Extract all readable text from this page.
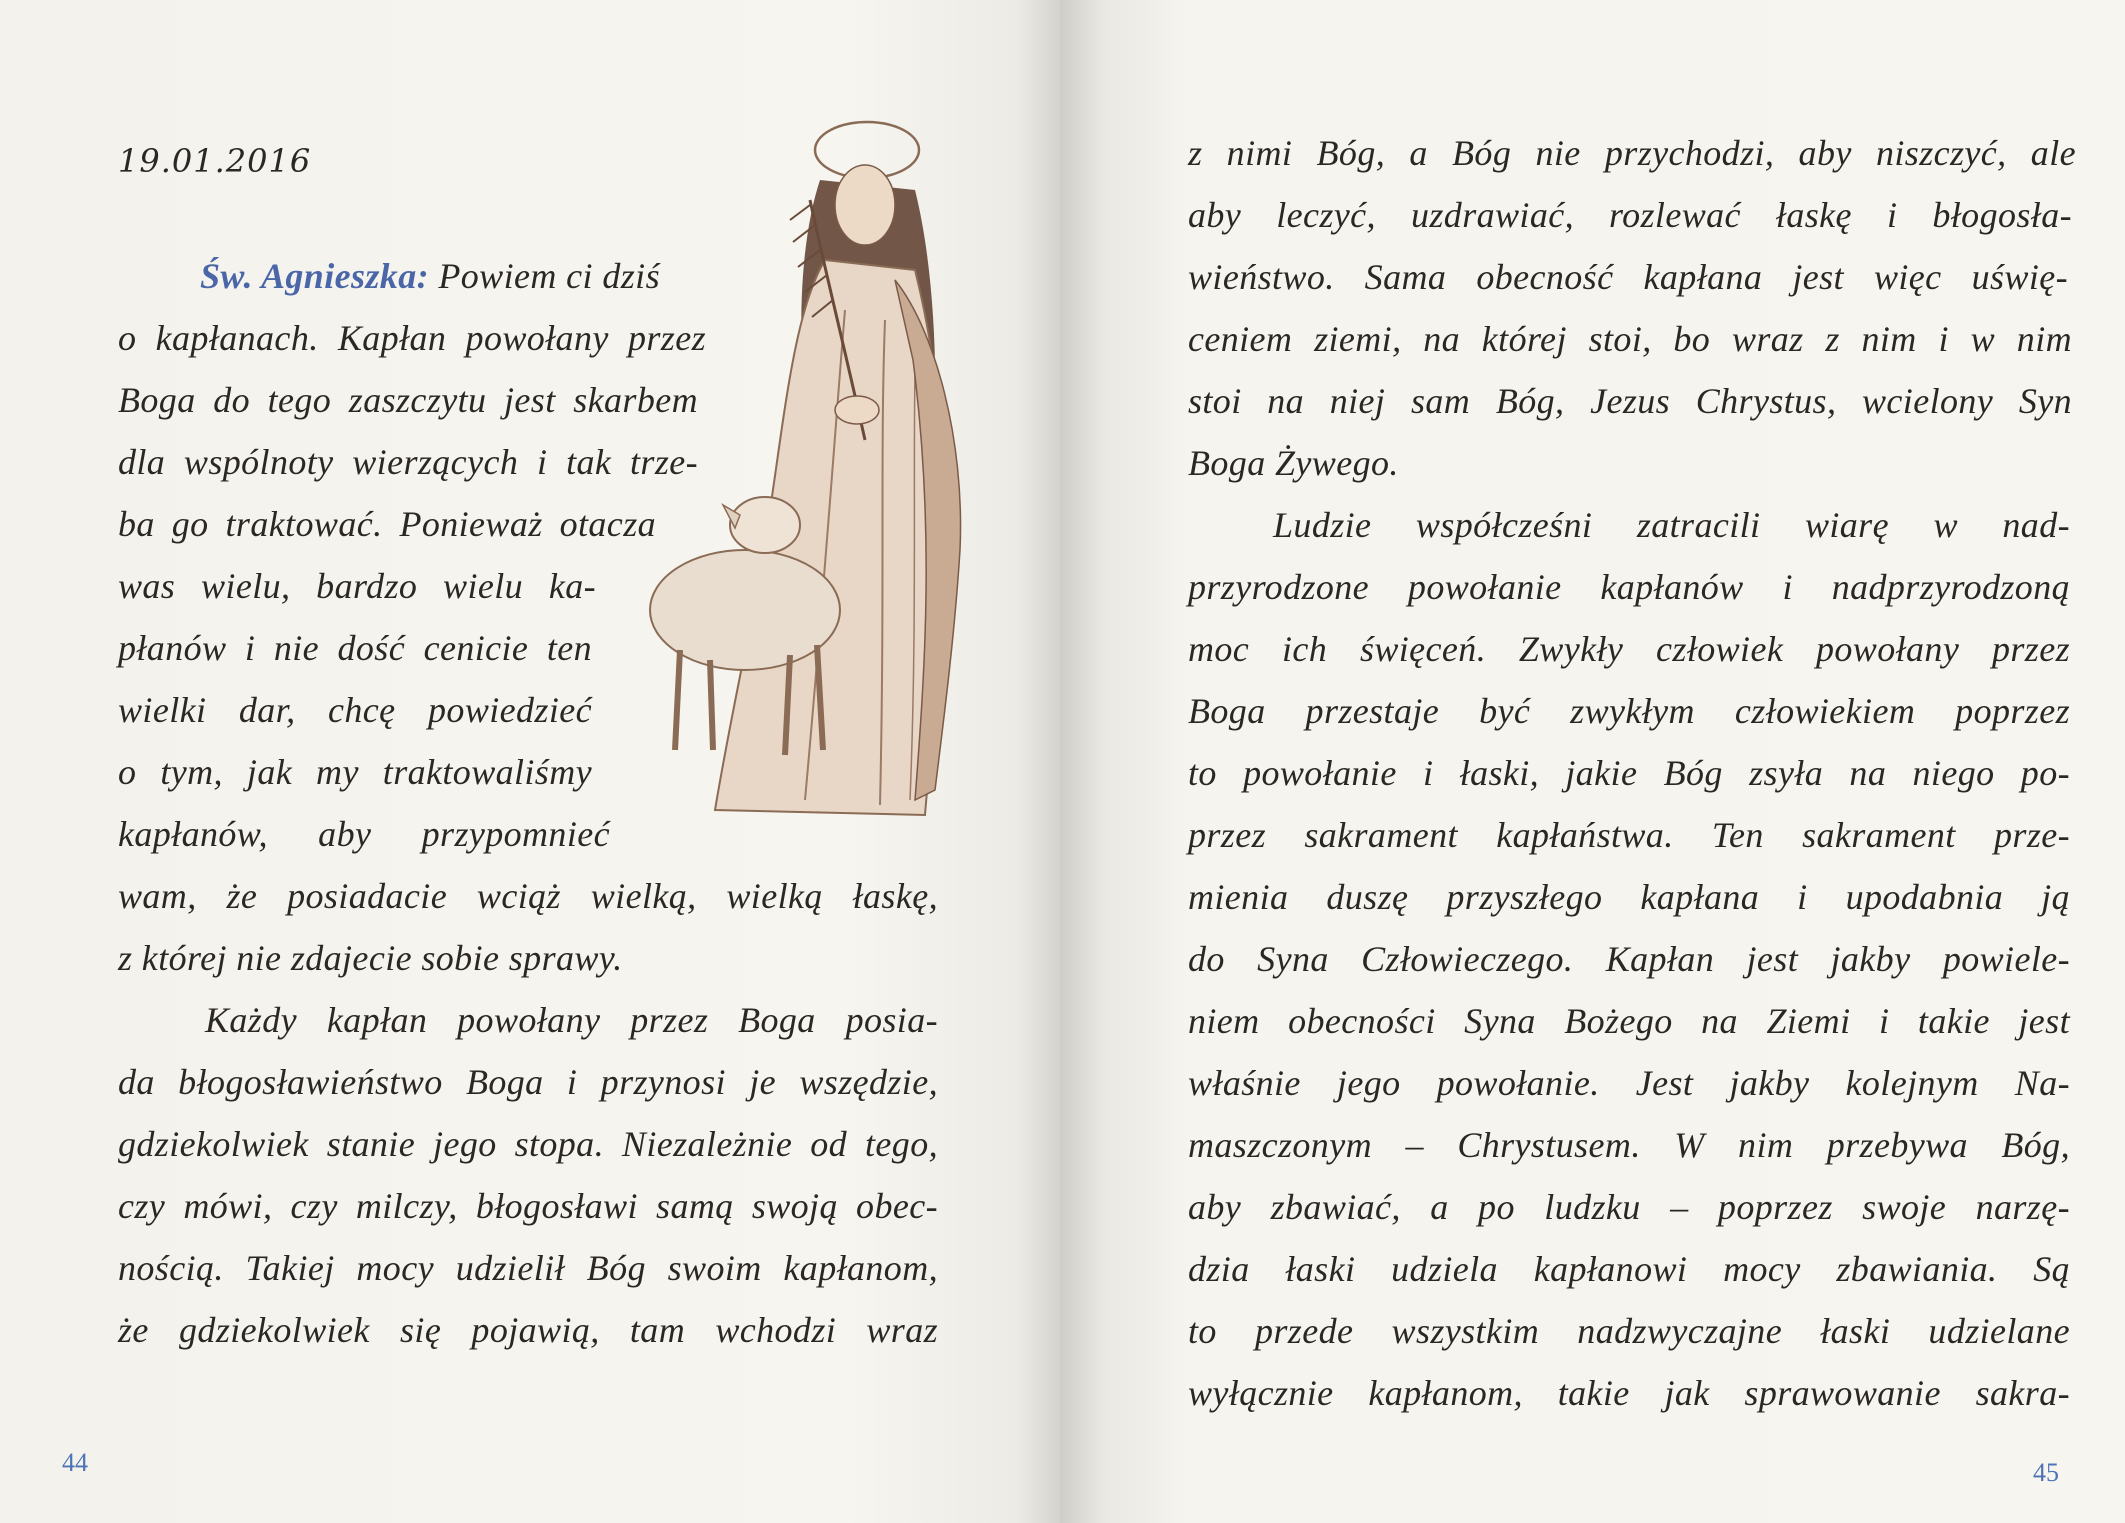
19.01.2016
Św. Agnieszka: Powiem ci dziś
o kapłanach. Kapłan powołany przez
Boga do tego zaszczytu jest skarbem
dla wspólnoty wierzących i tak trze-
ba go traktować. Ponieważ otacza
was wielu, bardzo wielu ka-
płanów i nie dość cenicie ten
wielki dar, chcę powiedzieć
o tym, jak my traktowaliśmy
kapłanów, aby przypomnieć
wam, że posiadacie wciąż wielką, wielką łaskę,
z której nie zdajecie sobie sprawy.
Każdy kapłan powołany przez Boga posia-
da błogosławieństwo Boga i przynosi je wszędzie,
gdziekolwiek stanie jego stopa. Niezależnie od tego,
czy mówi, czy milczy, błogosławi samą swoją obec-
nością. Takiej mocy udzielił Bóg swoim kapłanom,
że gdziekolwiek się pojawią, tam wchodzi wraz
44
z nimi Bóg, a Bóg nie przychodzi, aby niszczyć, ale
aby leczyć, uzdrawiać, rozlewać łaskę i błogosła-
wieństwo. Sama obecność kapłana jest więc uświę-
ceniem ziemi, na której stoi, bo wraz z nim i w nim
stoi na niej sam Bóg, Jezus Chrystus, wcielony Syn
Boga Żywego.
Ludzie współcześni zatracili wiarę w nad-
przyrodzone powołanie kapłanów i nadprzyrodzoną
moc ich święceń. Zwykły człowiek powołany przez
Boga przestaje być zwykłym człowiekiem poprzez
to powołanie i łaski, jakie Bóg zsyła na niego po-
przez sakrament kapłaństwa. Ten sakrament prze-
mienia duszę przyszłego kapłana i upodabnia ją
do Syna Człowieczego. Kapłan jest jakby powiele-
niem obecności Syna Bożego na Ziemi i takie jest
właśnie jego powołanie. Jest jakby kolejnym Na-
maszczonym – Chrystusem. W nim przebywa Bóg,
aby zbawiać, a po ludzku – poprzez swoje narzę-
dzia łaski udziela kapłanowi mocy zbawiania. Są
to przede wszystkim nadzwyczajne łaski udzielane
wyłącznie kapłanom, takie jak sprawowanie sakra-
45
